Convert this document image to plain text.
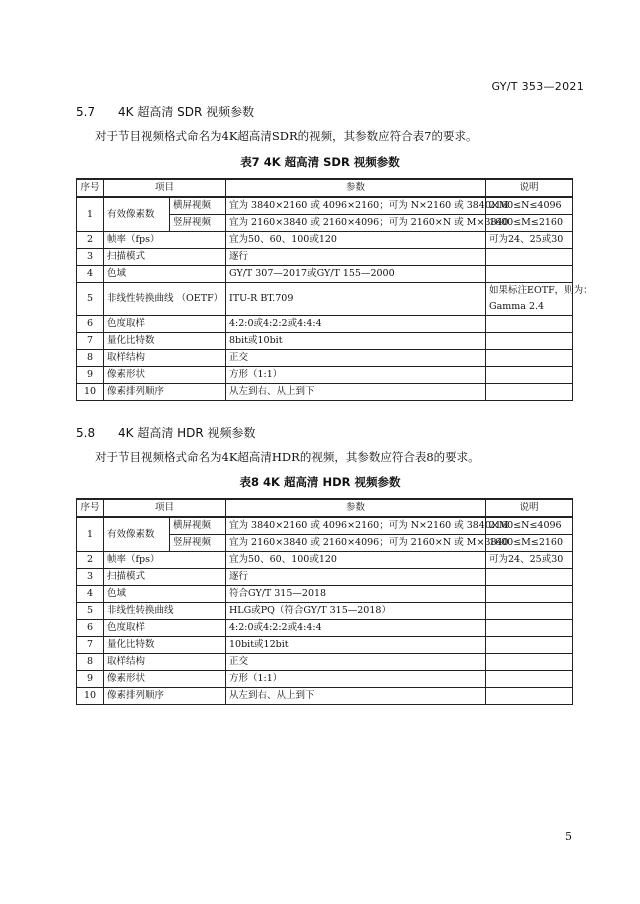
GY/T 353—2021
5.7 4K 超高清 SDR 视频参数
对于节目视频格式命名为4K超高清SDR的视频，其参数应符合表7的要求。
表7 4K 超高清 SDR 视频参数
序号	项目		参数	说明
1	有效像素数	横屏视频	宜为 3840×2160 或 4096×2160；可为 N×2160 或 3840×M	2160≤N≤4096
		竖屏视频	宜为 2160×3840 或 2160×4096；可为 2160×N 或 M×3840	1600≤M≤2160
2	帧率（fps）		宜为50、60、100或120	可为24、25或30
3	扫描模式		逐行	
4	色域		GY/T 307—2017或GY/T 155—2000	
5	非线性转换曲线 （OETF）		ITU-R BT.709	如果标注EOTF，则为：
Gamma 2.4

6	色度取样		4:2:0或4:2:2或4:4:4	
7	量化比特数		8bit或10bit	
8	取样结构		正交	
9	像素形状		方形（1:1）	
10	像素排列顺序		从左到右、从上到下	
5.8 4K 超高清 HDR 视频参数
对于节目视频格式命名为4K超高清HDR的视频，其参数应符合表8的要求。
表8 4K 超高清 HDR 视频参数
序号	项目		参数	说明
1	有效像素数	横屏视频	宜为 3840×2160 或 4096×2160；可为 N×2160 或 3840×M	2160≤N≤4096
		竖屏视频	宜为 2160×3840 或 2160×4096；可为 2160×N 或 M×3840	1600≤M≤2160
2	帧率（fps）		宜为50、60、100或120	可为24、25或30
3	扫描模式		逐行	
4	色域		符合GY/T 315—2018	
5	非线性转换曲线		HLG或PQ（符合GY/T 315—2018）	
6	色度取样		4:2:0或4:2:2或4:4:4	
7	量化比特数		10bit或12bit	
8	取样结构		正交	
9	像素形状		方形（1:1）	
10	像素排列顺序		从左到右、从上到下	
5
